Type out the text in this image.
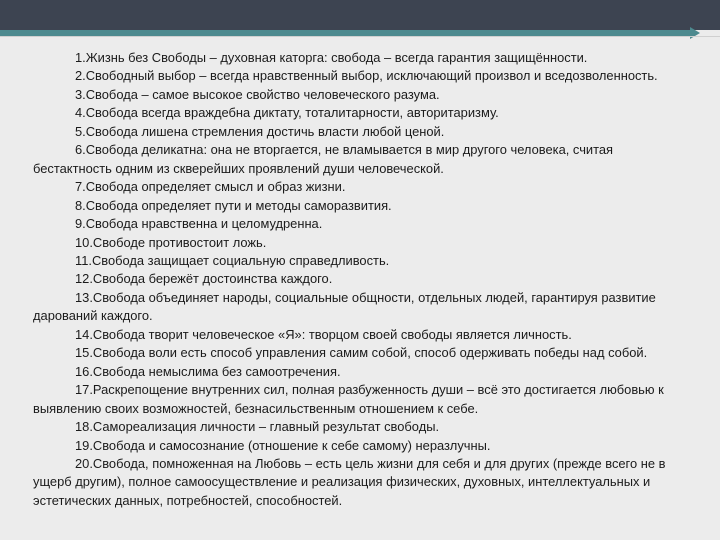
1.Жизнь без Свободы – духовная каторга: свобода – всегда гарантия защищённости.

2.Свободный выбор – всегда нравственный выбор, исключающий произвол и вседозволенность.

3.Свобода – самое высокое свойство человеческого разума.

4.Свобода всегда враждебна диктату, тоталитарности, авторитаризму.

5.Свобода лишена стремления достичь власти любой ценой.

6.Свобода деликатна: она не вторгается, не вламывается в мир другого человека, считая бестактность одним из скверейших проявлений души человеческой.

7.Свобода определяет смысл и образ жизни.

8.Свобода определяет пути и методы саморазвития.

9.Свобода нравственна и целомудренна.

10.Свободе противостоит ложь.

11.Свобода защищает социальную справедливость.

12.Свобода бережёт достоинства каждого.

13.Свобода объединяет народы, социальные общности, отдельных людей, гарантируя развитие дарований каждого.

14.Свобода творит человеческое «Я»: творцом своей свободы является личность.

15.Свобода воли есть способ управления самим собой, способ одерживать победы над собой.

16.Свобода немыслима без самоотречения.

17.Раскрепощение внутренних сил, полная разбуженность души – всё это достигается любовью к выявлению своих возможностей, безнасильственным отношением к себе.

18.Самореализация личности – главный результат свободы.

19.Свобода и самосознание (отношение к себе самому) неразлучны.

20.Свобода, помноженная на Любовь – есть цель жизни для себя и для других (прежде всего не в ущерб другим), полное самоосуществление и реализация физических, духовных, интеллектуальных и эстетических данных, потребностей, способностей.
